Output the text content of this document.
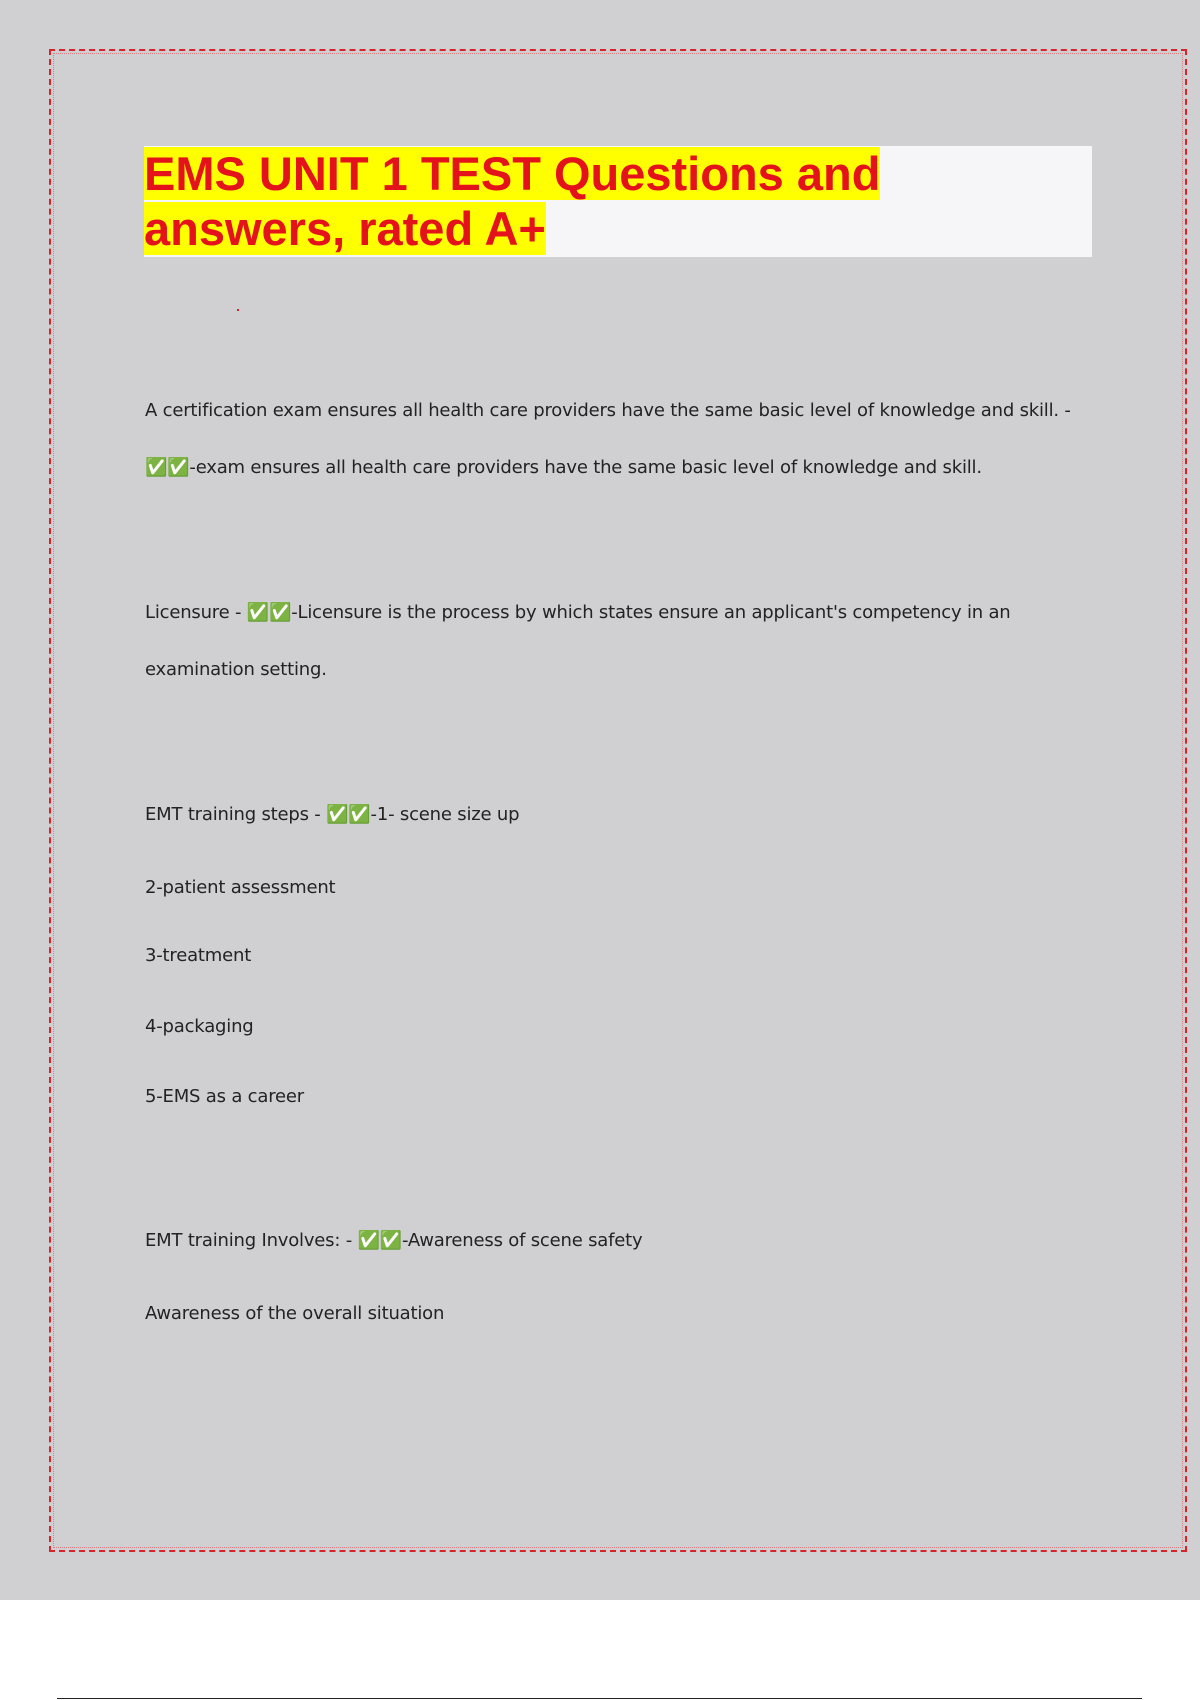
EMS UNIT 1 TEST Questions and
answers, rated A+

A certification exam ensures all health care providers have the same basic level of knowledge and skill. -

✅✅-exam ensures all health care providers have the same basic level of knowledge and skill.

Licensure - ✅✅-Licensure is the process by which states ensure an applicant's competency in an

examination setting.

EMT training steps - ✅✅-1- scene size up

2-patient assessment

3-treatment

4-packaging

5-EMS as a career

EMT training Involves: - ✅✅-Awareness of scene safety

Awareness of the overall situation
